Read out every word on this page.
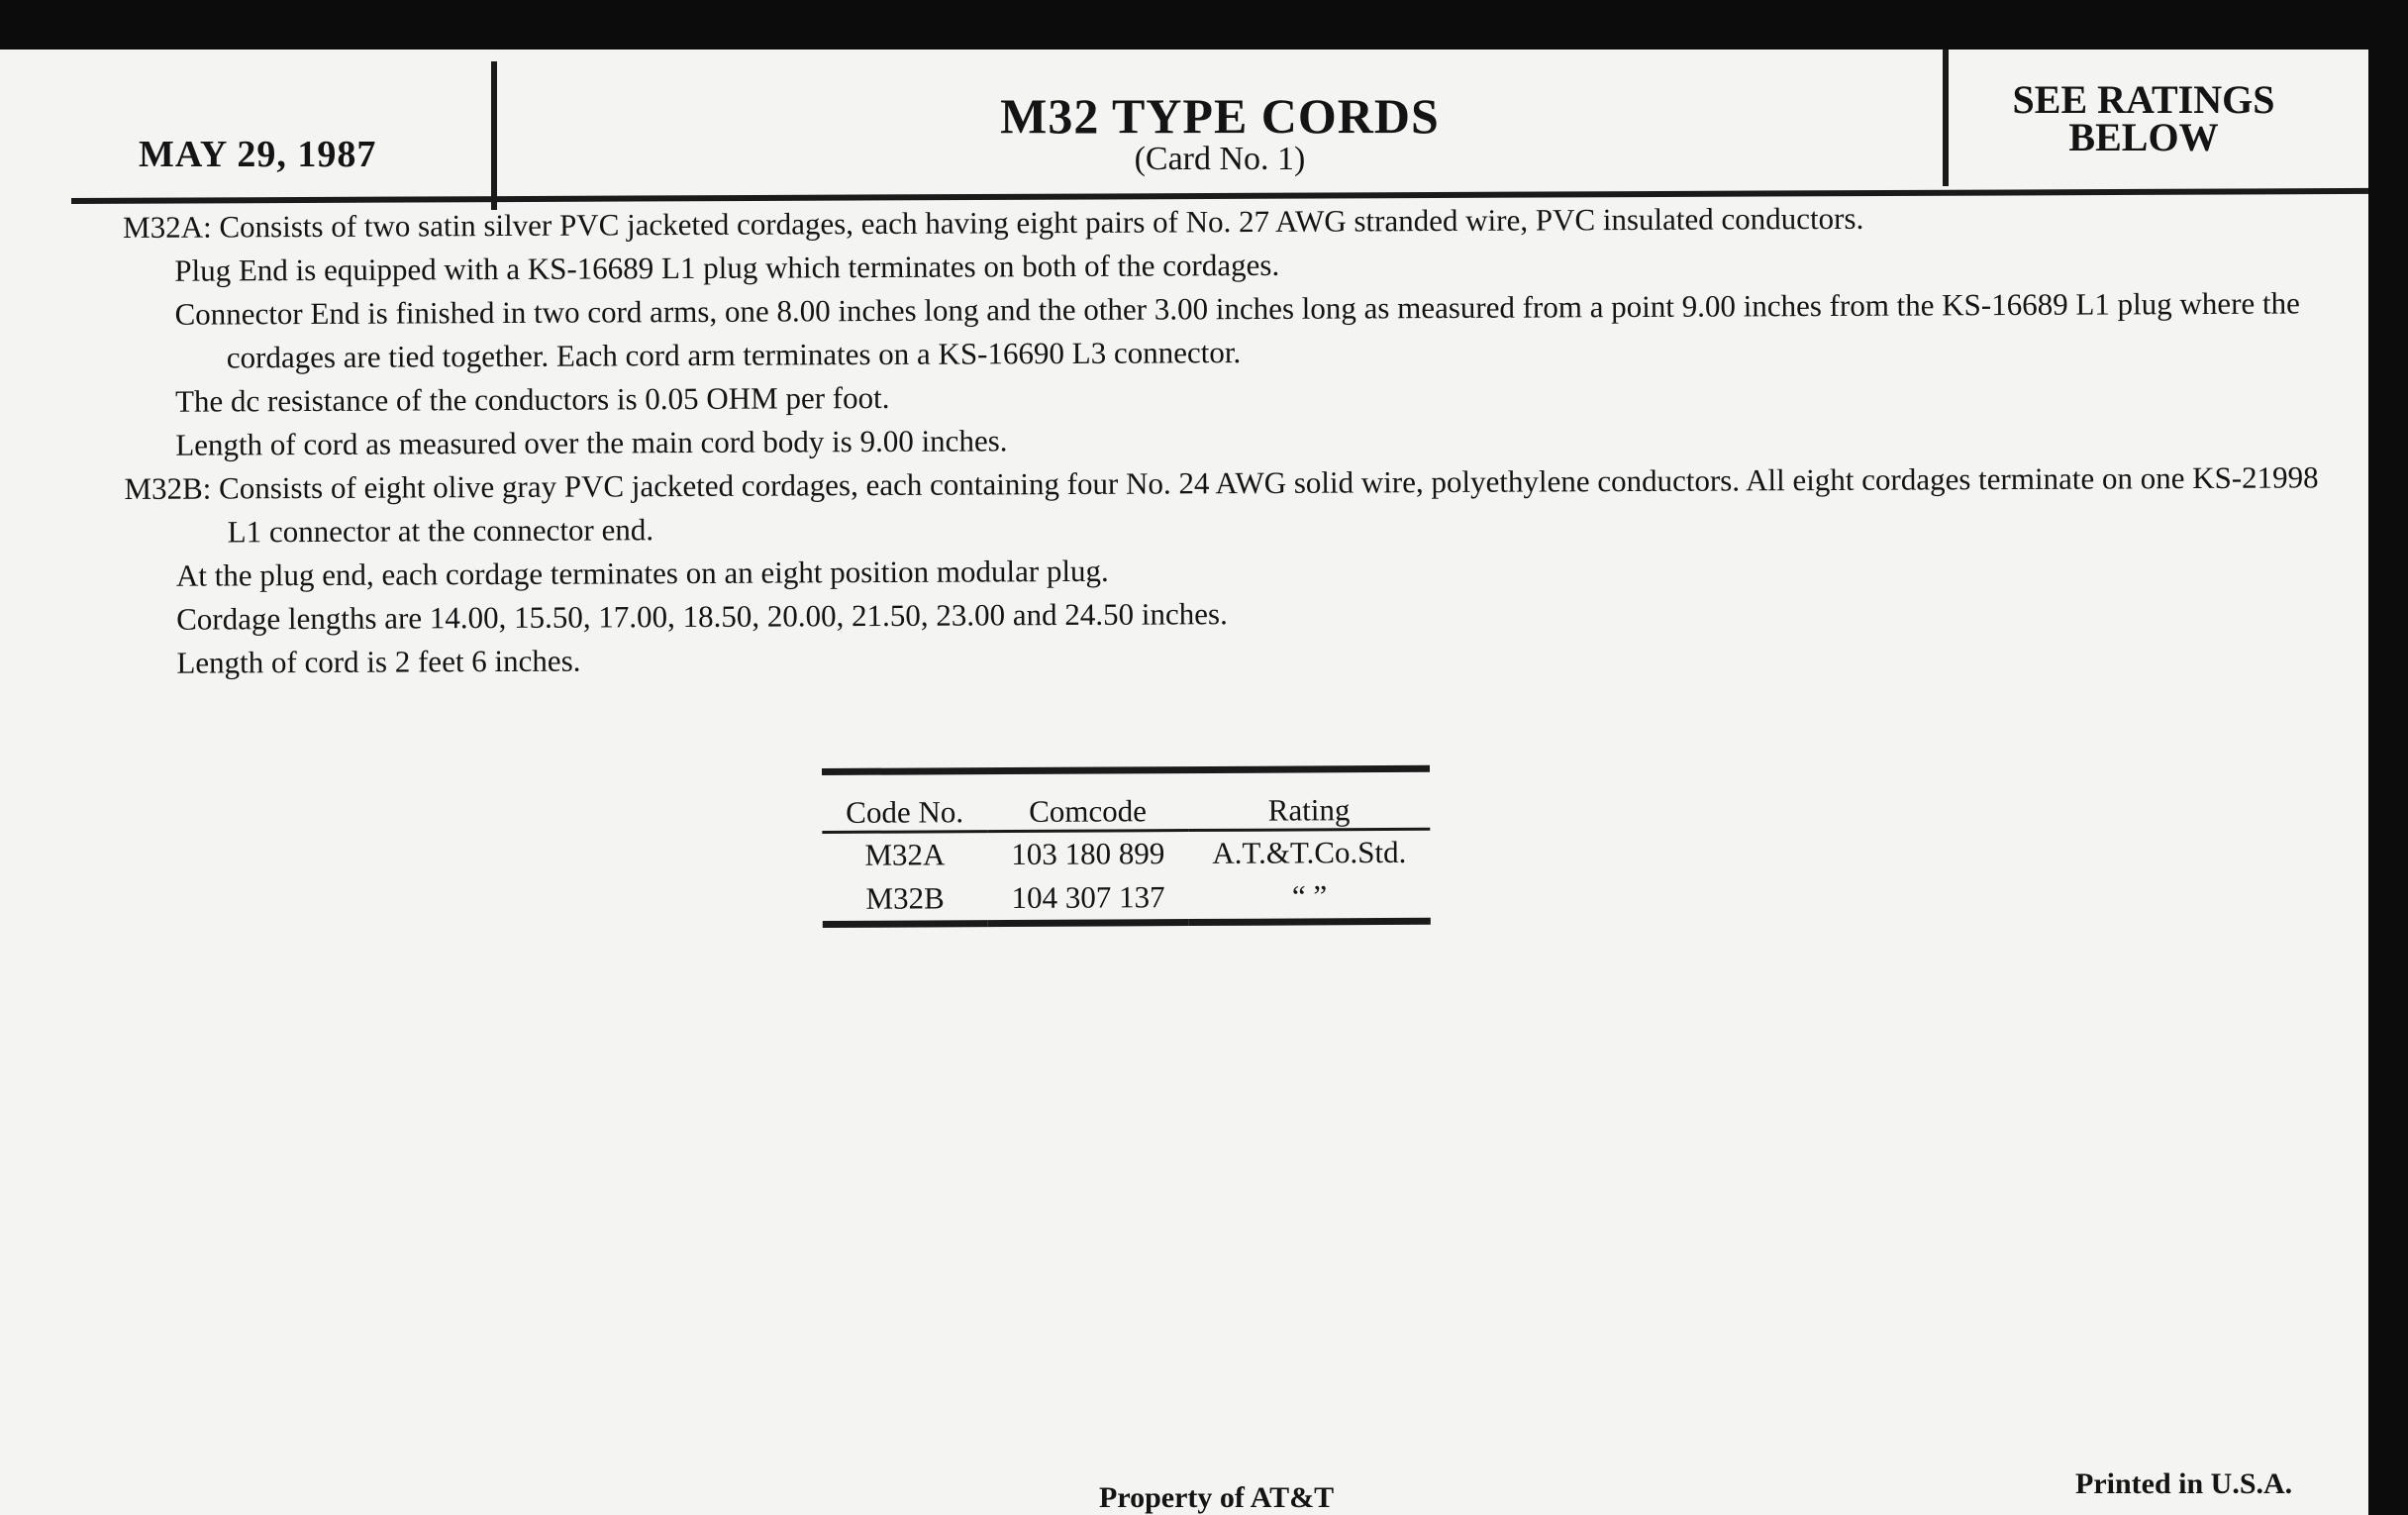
MAY 29, 1987
M32 TYPE CORDS
(Card No. 1)
SEE RATINGS
BELOW

M32A: Consists of two satin silver PVC jacketed cordages, each having eight pairs of No. 27 AWG stranded wire, PVC insulated conductors.

Plug End is equipped with a KS-16689 L1 plug which terminates on both of the cordages.

Connector End is finished in two cord arms, one 8.00 inches long and the other 3.00 inches long as measured from a point 9.00 inches from the KS-16689 L1 plug where the cordages are tied together. Each cord arm terminates on a KS-16690 L3 connector.

The dc resistance of the conductors is 0.05 OHM per foot.

Length of cord as measured over the main cord body is 9.00 inches.

M32B: Consists of eight olive gray PVC jacketed cordages, each containing four No. 24 AWG solid wire, polyethylene conductors. All eight cordages terminate on one KS-21998 L1 connector at the connector end.

At the plug end, each cordage terminates on an eight position modular plug.

Cordage lengths are 14.00, 15.50, 17.00, 18.50, 20.00, 21.50, 23.00 and 24.50 inches.

Length of cord is 2 feet 6 inches.

Code No.	Comcode	Rating
M32A	103 180 899	A.T.&T.Co.Std.
M32B	104 307 137	“ ”
Property of AT&T	Printed in U.S.A.
